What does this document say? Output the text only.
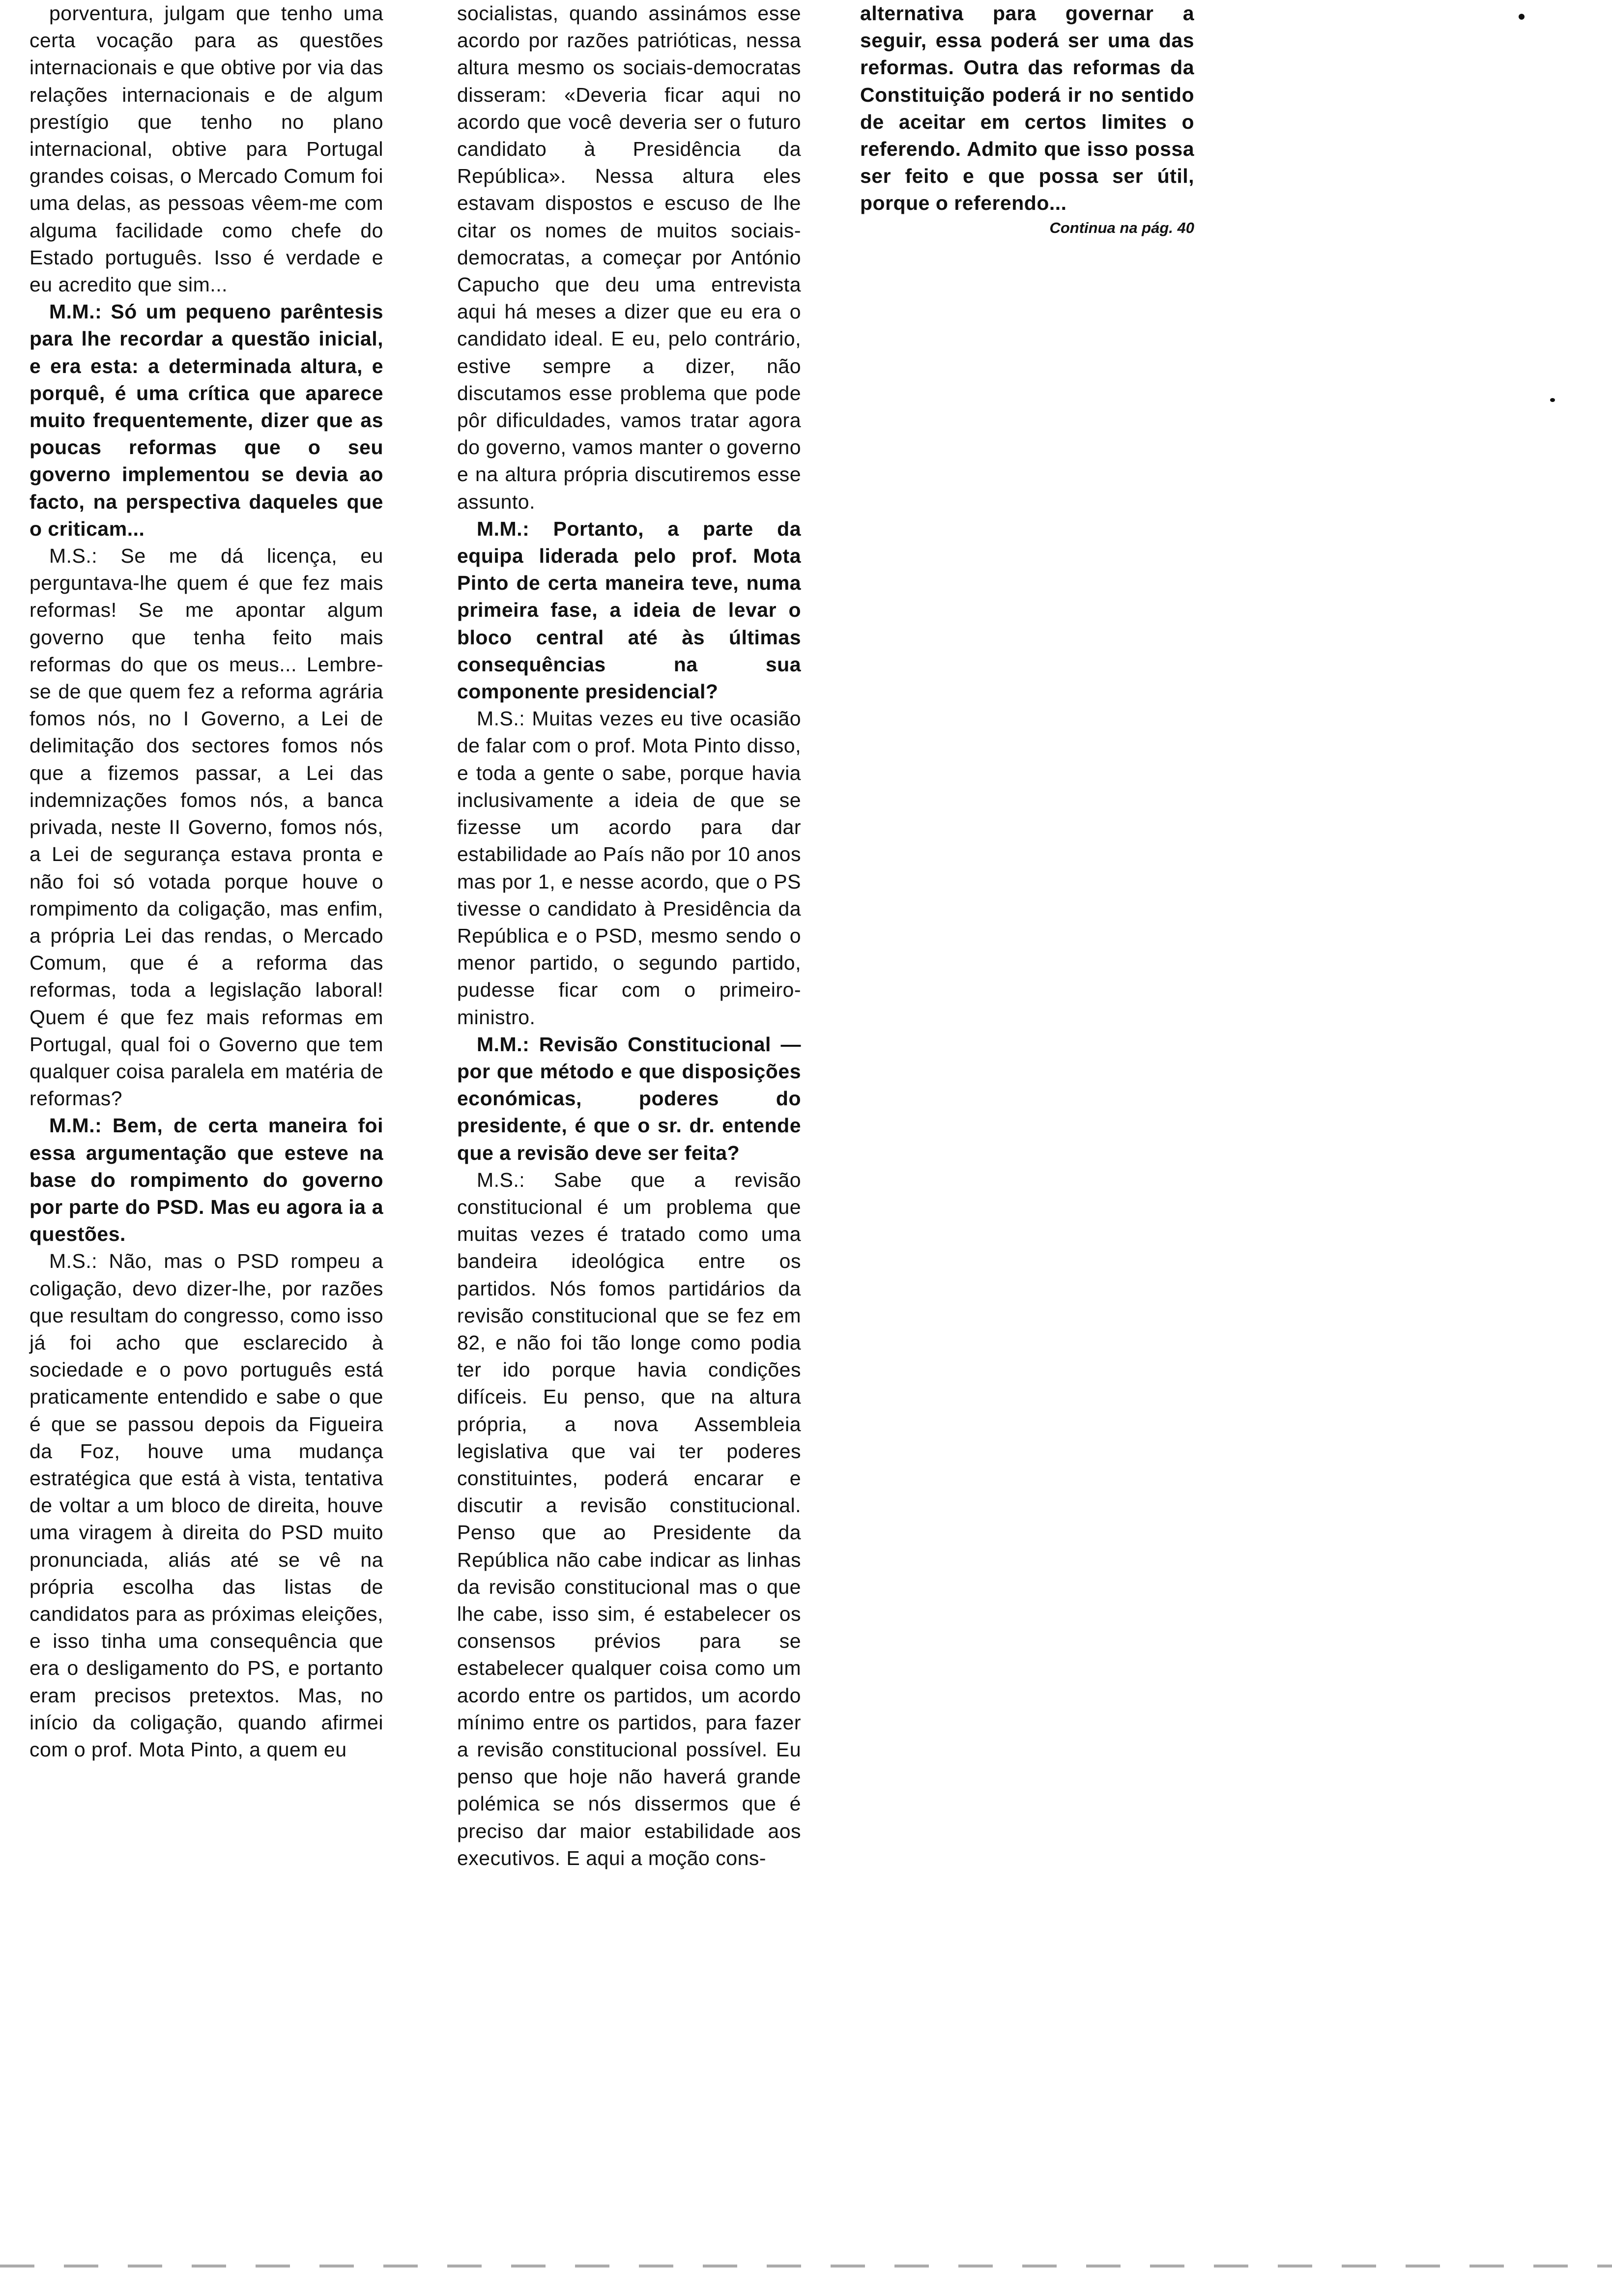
porventura, julgam que tenho uma certa vocação para as questões internacionais e que obtive por via das relações internacionais e de algum prestígio que tenho no plano internacional, obtive para Portugal grandes coisas, o Mercado Comum foi uma delas, as pessoas vêem-me com alguma facilidade como chefe do Estado português. Isso é verdade e eu acredito que sim...

M.M.: Só um pequeno parêntesis para lhe recordar a questão inicial, e era esta: a determinada altura, e porquê, é uma crítica que aparece muito frequentemente, dizer que as poucas reformas que o seu governo implementou se devia ao facto, na perspectiva daqueles que o criticam...

M.S.: Se me dá licença, eu perguntava-lhe quem é que fez mais reformas! Se me apontar algum governo que tenha feito mais reformas do que os meus... Lembre-se de que quem fez a reforma agrária fomos nós, no I Governo, a Lei de delimitação dos sectores fomos nós que a fizemos passar, a Lei das indemnizações fomos nós, a banca privada, neste II Governo, fomos nós, a Lei de segurança estava pronta e não foi só votada porque houve o rompimento da coligação, mas enfim, a própria Lei das rendas, o Mercado Comum, que é a reforma das reformas, toda a legislação laboral! Quem é que fez mais reformas em Portugal, qual foi o Governo que tem qualquer coisa paralela em matéria de reformas?

M.M.: Bem, de certa maneira foi essa argumentação que esteve na base do rompimento do governo por parte do PSD. Mas eu agora ia a questões.

M.S.: Não, mas o PSD rompeu a coligação, devo dizer-lhe, por razões que resultam do congresso, como isso já foi acho que esclarecido à sociedade e o povo português está praticamente entendido e sabe o que é que se passou depois da Figueira da Foz, houve uma mudança estratégica que está à vista, tentativa de voltar a um bloco de direita, houve uma viragem à direita do PSD muito pronunciada, aliás até se vê na própria escolha das listas de candidatos para as próximas eleições, e isso tinha uma consequência que era o desligamento do PS, e portanto eram precisos pretextos. Mas, no início da coligação, quando afirmei com o prof. Mota Pinto, a quem eu

socialistas, quando assinámos esse acordo por razões patrióticas, nessa altura mesmo os sociais-democratas disseram: «Deveria ficar aqui no acordo que você deveria ser o futuro candidato à Presidência da República». Nessa altura eles estavam dispostos e escuso de lhe citar os nomes de muitos sociais-democratas, a começar por António Capucho que deu uma entrevista aqui há meses a dizer que eu era o candidato ideal. E eu, pelo contrário, estive sempre a dizer, não discutamos esse problema que pode pôr dificuldades, vamos tratar agora do governo, vamos manter o governo e na altura própria discutiremos esse assunto.

M.M.: Portanto, a parte da equipa liderada pelo prof. Mota Pinto de certa maneira teve, numa primeira fase, a ideia de levar o bloco central até às últimas consequências na sua componente presidencial?

M.S.: Muitas vezes eu tive ocasião de falar com o prof. Mota Pinto disso, e toda a gente o sabe, porque havia inclusivamente a ideia de que se fizesse um acordo para dar estabilidade ao País não por 10 anos mas por 1, e nesse acordo, que o PS tivesse o candidato à Presidência da República e o PSD, mesmo sendo o menor partido, o segundo partido, pudesse ficar com o primeiro-ministro.

M.M.: Revisão Constitucional — por que método e que disposições económicas, poderes do presidente, é que o sr. dr. entende que a revisão deve ser feita?

M.S.: Sabe que a revisão constitucional é um problema que muitas vezes é tratado como uma bandeira ideológica entre os partidos. Nós fomos partidários da revisão constitucional que se fez em 82, e não foi tão longe como podia ter ido porque havia condições difíceis. Eu penso, que na altura própria, a nova Assembleia legislativa que vai ter poderes constituintes, poderá encarar e discutir a revisão constitucional. Penso que ao Presidente da República não cabe indicar as linhas da revisão constitucional mas o que lhe cabe, isso sim, é estabelecer os consensos prévios para se estabelecer qualquer coisa como um acordo entre os partidos, um acordo mínimo entre os partidos, para fazer a revisão constitucional possível. Eu penso que hoje não haverá grande polémica se nós dissermos que é preciso dar maior estabilidade aos executivos. E aqui a moção cons-

alternativa para governar a seguir, essa poderá ser uma das reformas. Outra das reformas da Constituição poderá ir no sentido de aceitar em certos limites o referendo. Admito que isso possa ser feito e que possa ser útil, porque o referendo...

Continua na pág. 40
